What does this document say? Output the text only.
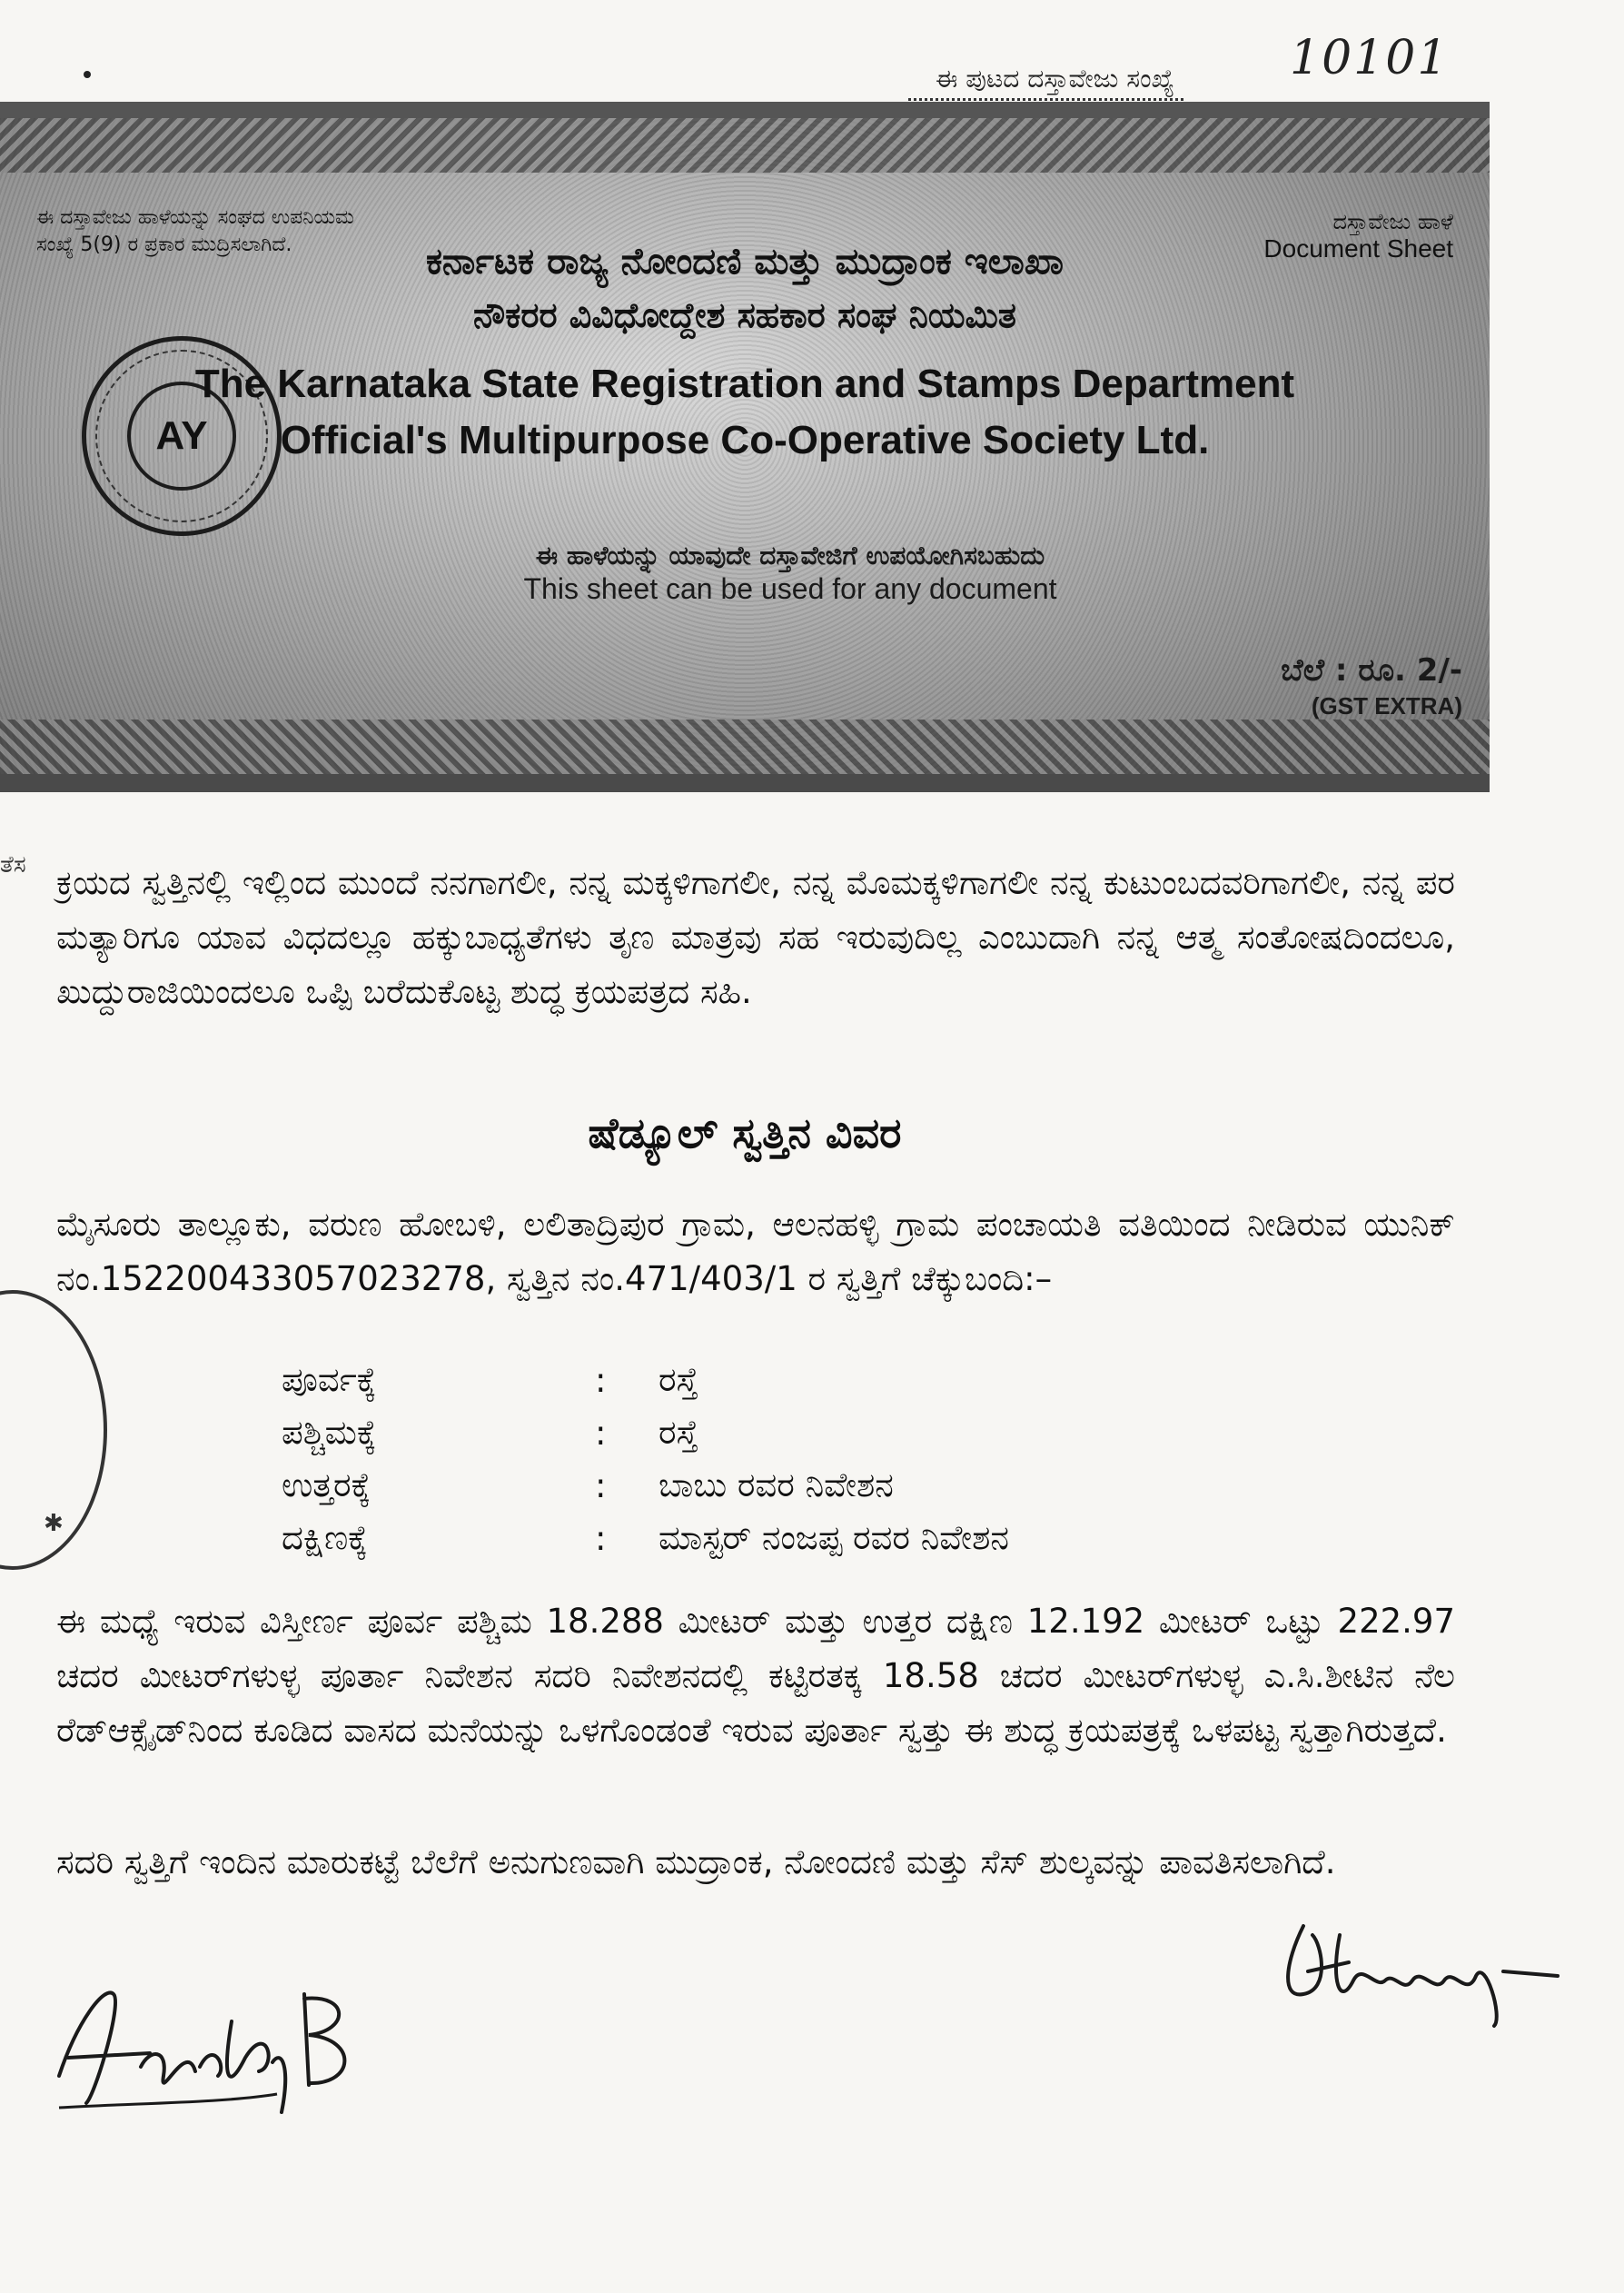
ಈ ಪುಟದ ದಸ್ತಾವೇಜು ಸಂಖ್ಯೆ 10101
ಈ ದಸ್ತಾವೇಜು ಹಾಳೆಯನ್ನು ಸಂಘದ ಉಪನಿಯಮ
ಸಂಖ್ಯೆ 5(9) ರ ಪ್ರಕಾರ ಮುದ್ರಿಸಲಾಗಿದೆ.
ದಸ್ತಾವೇಜು ಹಾಳೆ
Document Sheet
AY
ಕರ್ನಾಟಕ ರಾಜ್ಯ ನೋಂದಣಿ ಮತ್ತು ಮುದ್ರಾಂಕ ಇಲಾಖಾ
ನೌಕರರ ವಿವಿಧೋದ್ದೇಶ ಸಹಕಾರ ಸಂಘ ನಿಯಮಿತ
The Karnataka State Registration and Stamps Department
Official's Multipurpose Co-Operative Society Ltd.
ಈ ಹಾಳೆಯನ್ನು ಯಾವುದೇ ದಸ್ತಾವೇಜಿಗೆ ಉಪಯೋಗಿಸಬಹುದು
This sheet can be used for any document
ಬೆಲೆ : ರೂ. 2/-
(GST EXTRA)
ತೆಸ ಕ್ರಯದ ಸ್ವತ್ತಿನಲ್ಲಿ ಇಲ್ಲಿಂದ ಮುಂದೆ ನನಗಾಗಲೀ, ನನ್ನ ಮಕ್ಕಳಿಗಾಗಲೀ, ನನ್ನ ಮೊಮಕ್ಕಳಿಗಾಗಲೀ ನನ್ನ ಕುಟುಂಬದವರಿಗಾಗಲೀ, ನನ್ನ ಪರ ಮತ್ಯಾರಿಗೂ ಯಾವ ವಿಧದಲ್ಲೂ ಹಕ್ಕುಬಾಧ್ಯತೆಗಳು ತೃಣ ಮಾತ್ರವು ಸಹ ಇರುವುದಿಲ್ಲ ಎಂಬುದಾಗಿ ನನ್ನ ಆತ್ಮ ಸಂತೋಷದಿಂದಲೂ, ಖುದ್ದುರಾಜಿಯಿಂದಲೂ ಒಪ್ಪಿ ಬರೆದುಕೊಟ್ಟ ಶುದ್ಧ ಕ್ರಯಪತ್ರದ ಸಹಿ.
ಷೆಡ್ಯೂಲ್ ಸ್ವತ್ತಿನ ವಿವರ
ಮೈಸೂರು ತಾಲ್ಲೂಕು, ವರುಣ ಹೋಬಳಿ, ಲಲಿತಾದ್ರಿಪುರ ಗ್ರಾಮ, ಆಲನಹಳ್ಳಿ ಗ್ರಾಮ ಪಂಚಾಯತಿ ವತಿಯಿಂದ ನೀಡಿರುವ ಯುನಿಕ್ ನಂ.152200433057023278, ಸ್ವತ್ತಿನ ನಂ.471/403/1 ರ ಸ್ವತ್ತಿಗೆ ಚೆಕ್ಕುಬಂದಿ:–
ಪೂರ್ವಕ್ಕೆ	:	ರಸ್ತೆ
ಪಶ್ಚಿಮಕ್ಕೆ	:	ರಸ್ತೆ
ಉತ್ತರಕ್ಕೆ	:	ಬಾಬು ರವರ ನಿವೇಶನ
ದಕ್ಷಿಣಕ್ಕೆ	:	ಮಾಸ್ಟರ್ ನಂಜಪ್ಪ ರವರ ನಿವೇಶನ
ಈ ಮಧ್ಯೆ ಇರುವ ವಿಸ್ತೀರ್ಣ ಪೂರ್ವ ಪಶ್ಚಿಮ 18.288 ಮೀಟರ್ ಮತ್ತು ಉತ್ತರ ದಕ್ಷಿಣ 12.192 ಮೀಟರ್ ಒಟ್ಟು 222.97 ಚದರ ಮೀಟರ್‌ಗಳುಳ್ಳ ಪೂರ್ತಾ ನಿವೇಶನ ಸದರಿ ನಿವೇಶನದಲ್ಲಿ ಕಟ್ಟಿರತಕ್ಕ 18.58 ಚದರ ಮೀಟರ್‌ಗಳುಳ್ಳ ಎ.ಸಿ.ಶೀಟಿನ ನೆಲ ರೆಡ್‌ಆಕ್ಸೈಡ್‌ನಿಂದ ಕೂಡಿದ ವಾಸದ ಮನೆಯನ್ನು ಒಳಗೊಂಡಂತೆ ಇರುವ ಪೂರ್ತಾ ಸ್ವತ್ತು ಈ ಶುದ್ಧ ಕ್ರಯಪತ್ರಕ್ಕೆ ಒಳಪಟ್ಟ ಸ್ವತ್ತಾಗಿರುತ್ತದೆ.
ಸದರಿ ಸ್ವತ್ತಿಗೆ ಇಂದಿನ ಮಾರುಕಟ್ಟೆ ಬೆಲೆಗೆ ಅನುಗುಣವಾಗಿ ಮುದ್ರಾಂಕ, ನೋಂದಣಿ ಮತ್ತು ಸೆಸ್ ಶುಲ್ಕವನ್ನು ಪಾವತಿಸಲಾಗಿದೆ.
✱
